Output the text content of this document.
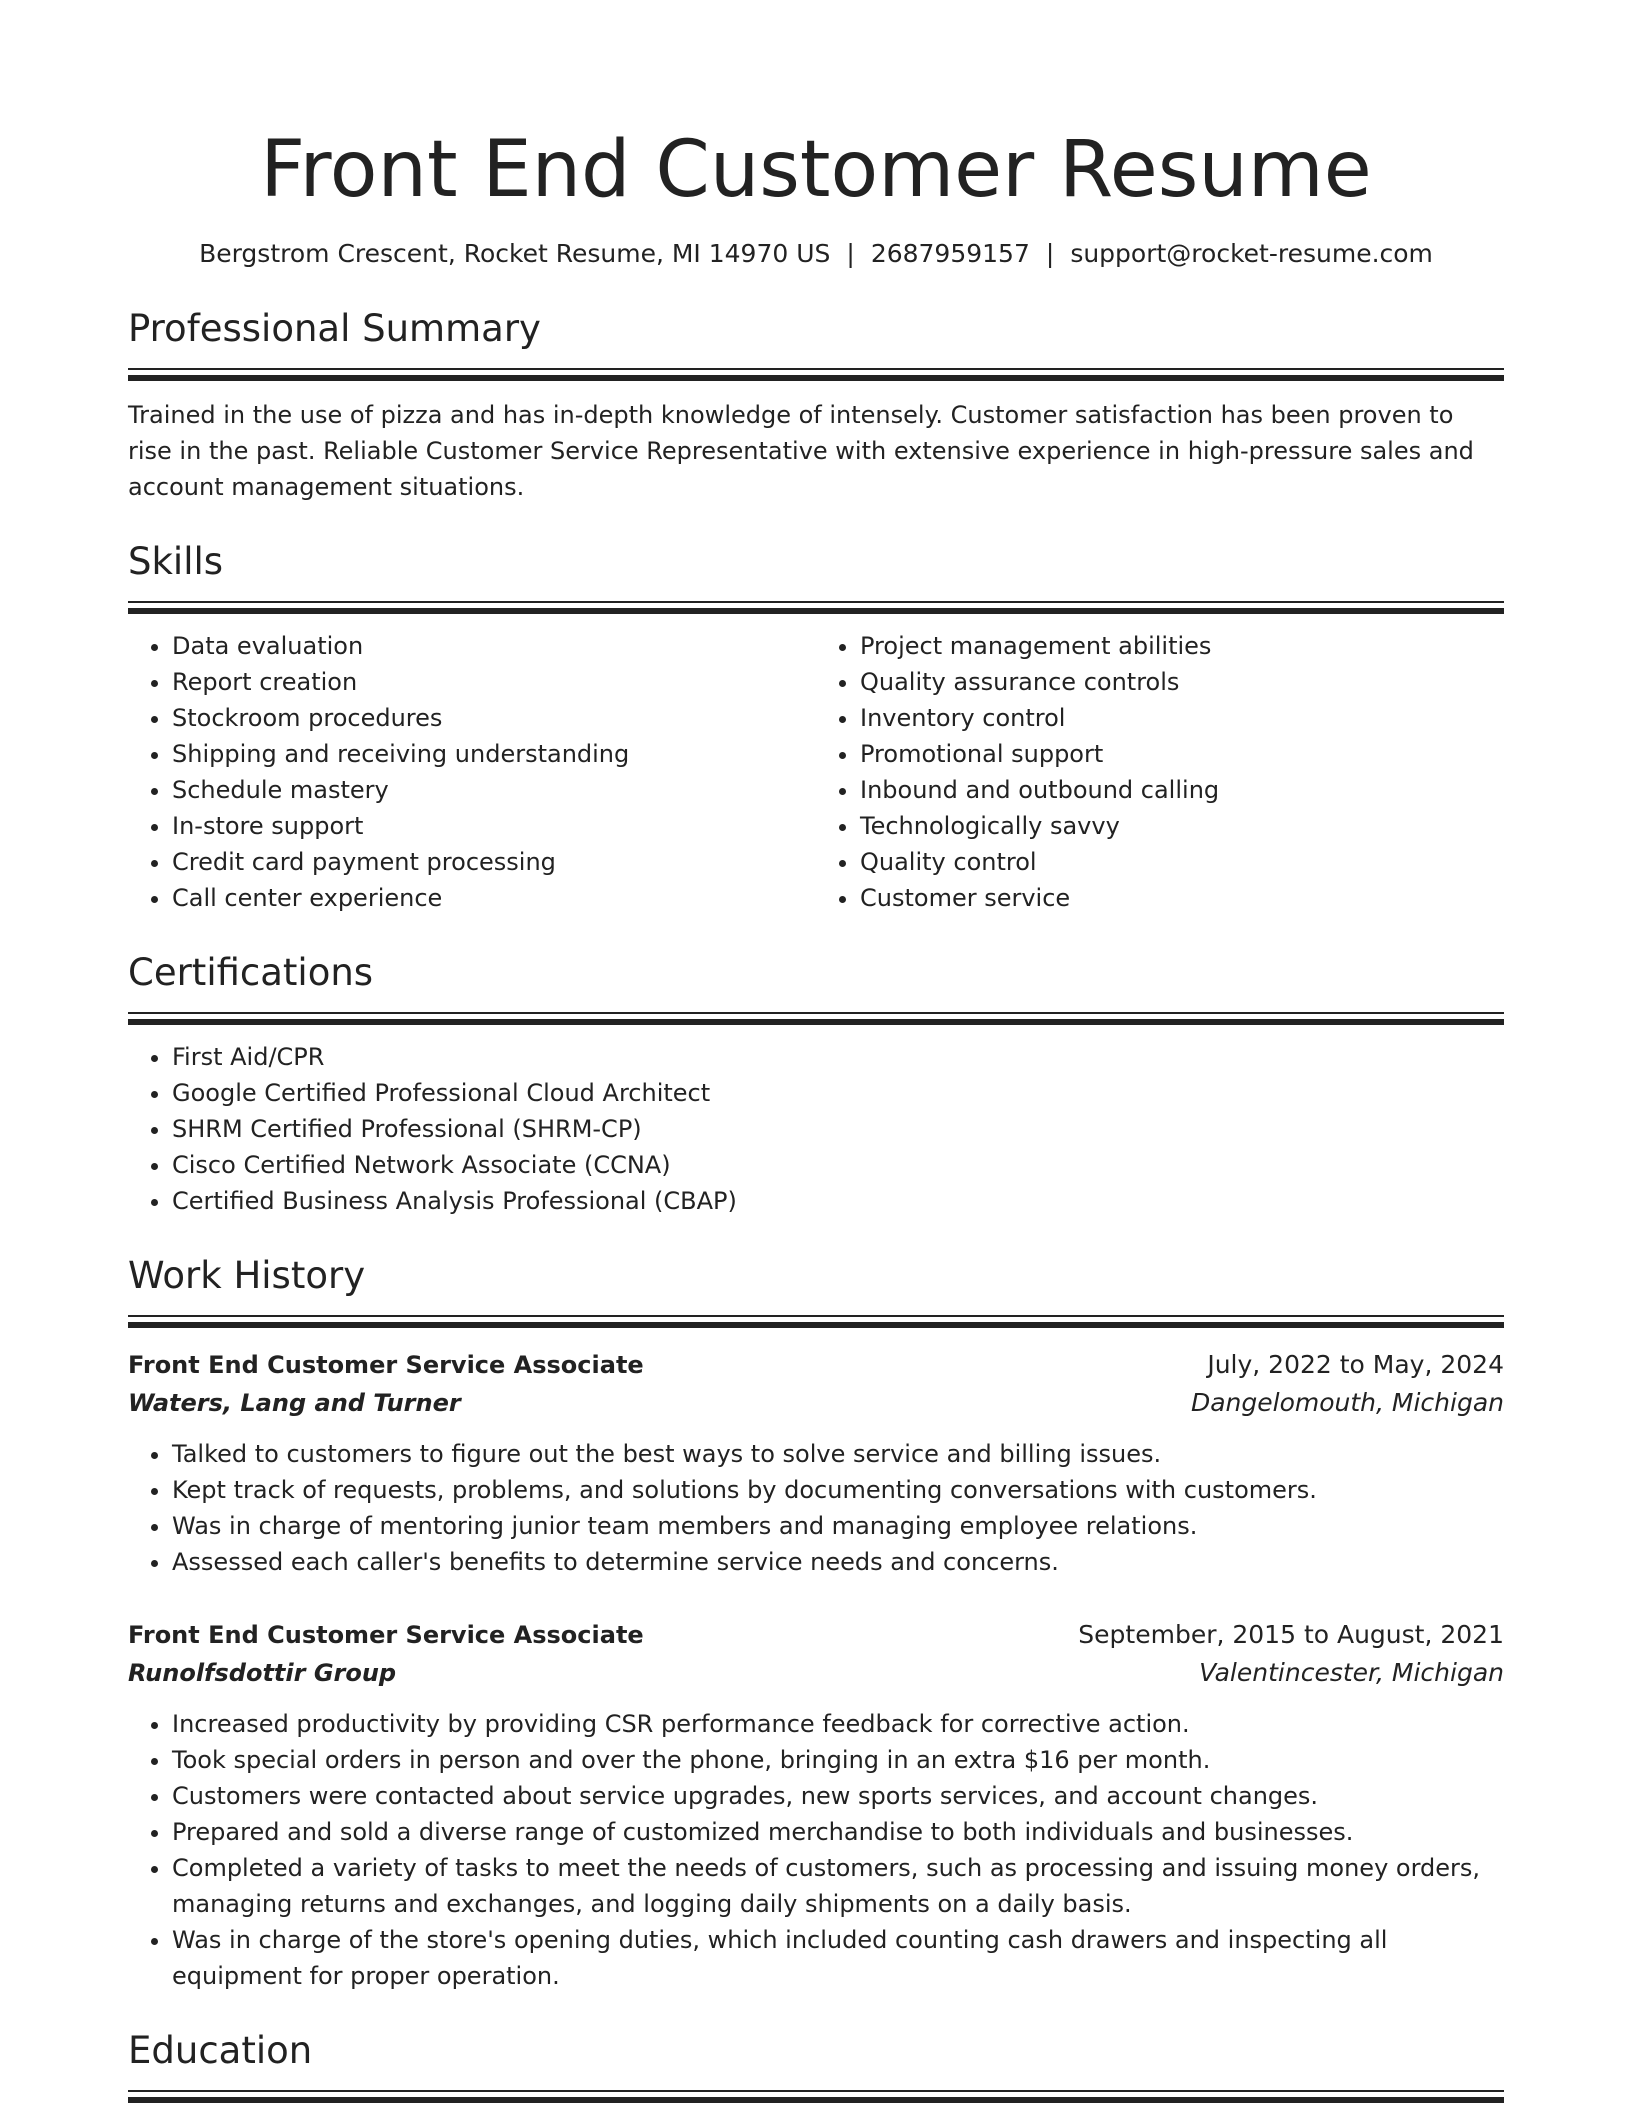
Front End Customer Resume
Bergstrom Crescent, Rocket Resume, MI 14970 US | 2687959157 | support@rocket-resume.com
Professional Summary

Trained in the use of pizza and has in-depth knowledge of intensely. Customer satisfaction has been proven to rise in the past. Reliable Customer Service Representative with extensive experience in high-pressure sales and account management situations.

Skills
• Data evaluation
• Report creation
• Stockroom procedures
• Shipping and receiving understanding
• Schedule mastery
• In-store support
• Credit card payment processing
• Call center experience
• Project management abilities
• Quality assurance controls
• Inventory control
• Promotional support
• Inbound and outbound calling
• Technologically savvy
• Quality control
• Customer service
Certifications
• First Aid/CPR
• Google Certified Professional Cloud Architect
• SHRM Certified Professional (SHRM-CP)
• Cisco Certified Network Associate (CCNA)
• Certified Business Analysis Professional (CBAP)
Work History
Front End Customer Service Associate	July, 2022 to May, 2024
Waters, Lang and Turner	Dangelomouth, Michigan
• Talked to customers to figure out the best ways to solve service and billing issues.
• Kept track of requests, problems, and solutions by documenting conversations with customers.
• Was in charge of mentoring junior team members and managing employee relations.
• Assessed each caller's benefits to determine service needs and concerns.
Front End Customer Service Associate	September, 2015 to August, 2021
Runolfsdottir Group	Valentincester, Michigan
• Increased productivity by providing CSR performance feedback for corrective action.
• Took special orders in person and over the phone, bringing in an extra $16 per month.
• Customers were contacted about service upgrades, new sports services, and account changes.
• Prepared and sold a diverse range of customized merchandise to both individuals and businesses.
• Completed a variety of tasks to meet the needs of customers, such as processing and issuing money orders, managing returns and exchanges, and logging daily shipments on a daily basis.
• Was in charge of the store's opening duties, which included counting cash drawers and inspecting all equipment for proper operation.
Education
